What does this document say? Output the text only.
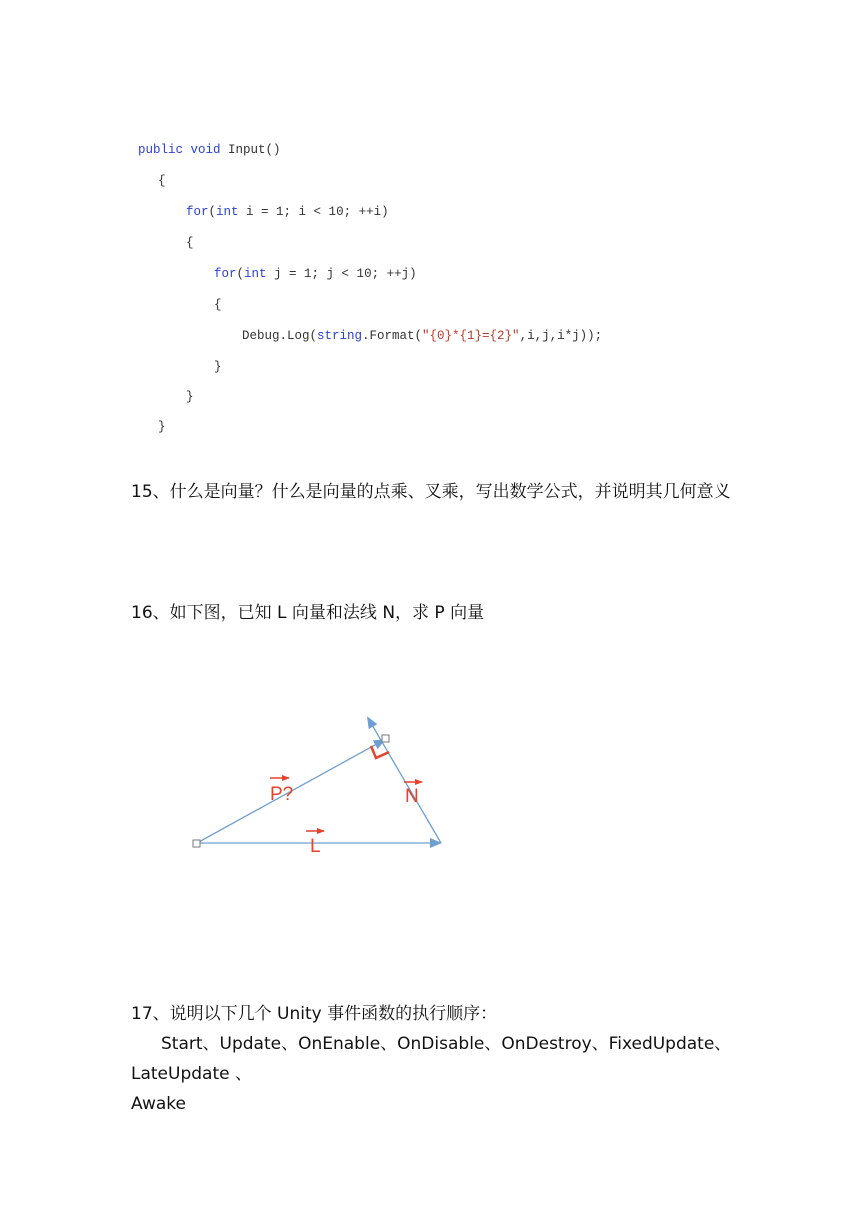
public void Input()
{
for(int i = 1; i < 10; ++i)
{
for(int j = 1; j < 10; ++j)
{
Debug.Log(string.Format("{0}*{1}={2}",i,j,i*j));
}
}
}
15、什么是向量？什么是向量的点乘、叉乘，写出数学公式，并说明其几何意义
16、如下图，已知 L 向量和法线 N，求 P 向量
P?	N
L
17、说明以下几个 Unity 事件函数的执行顺序：
Start、Update、OnEnable、OnDisable、OnDestroy、FixedUpdate、LateUpdate 、
Awake
